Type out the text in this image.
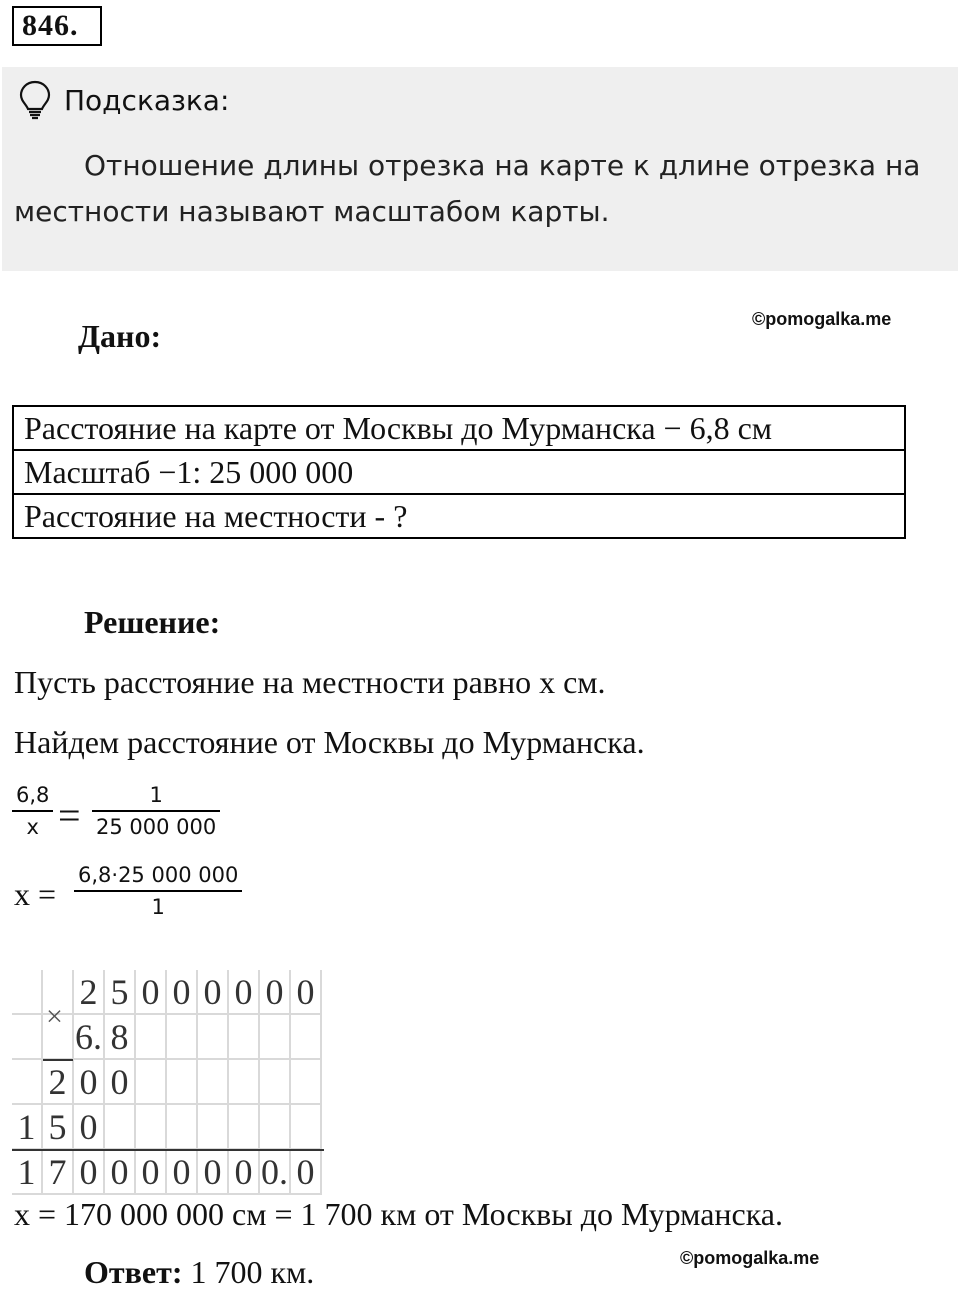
846.
Подсказка:
Отношение длины отрезка на карте к длине отрезка на местности называют масштабом карты.
©pomogalka.me
Дано:
Расстояние на карте от Москвы до Мурманска − 6,8 см
Масштаб −1: 25 000 000
Расстояние на местности - ?
Решение:
Пусть расстояние на местности равно х см.
Найдем расстояние от Москвы до Мурманска.
6,8
x =	1
25 000 000
x =
6,8·25 000 000
1
2 5 0 0 0 0 0 0
6. 8
2 0 0
1 5 0
1 7 0 0 0 0 0 0 0. 0
×
x = 170 000 000 см = 1 700 км от Москвы до Мурманска.
©pomogalka.me
Ответ: 1 700 км.
